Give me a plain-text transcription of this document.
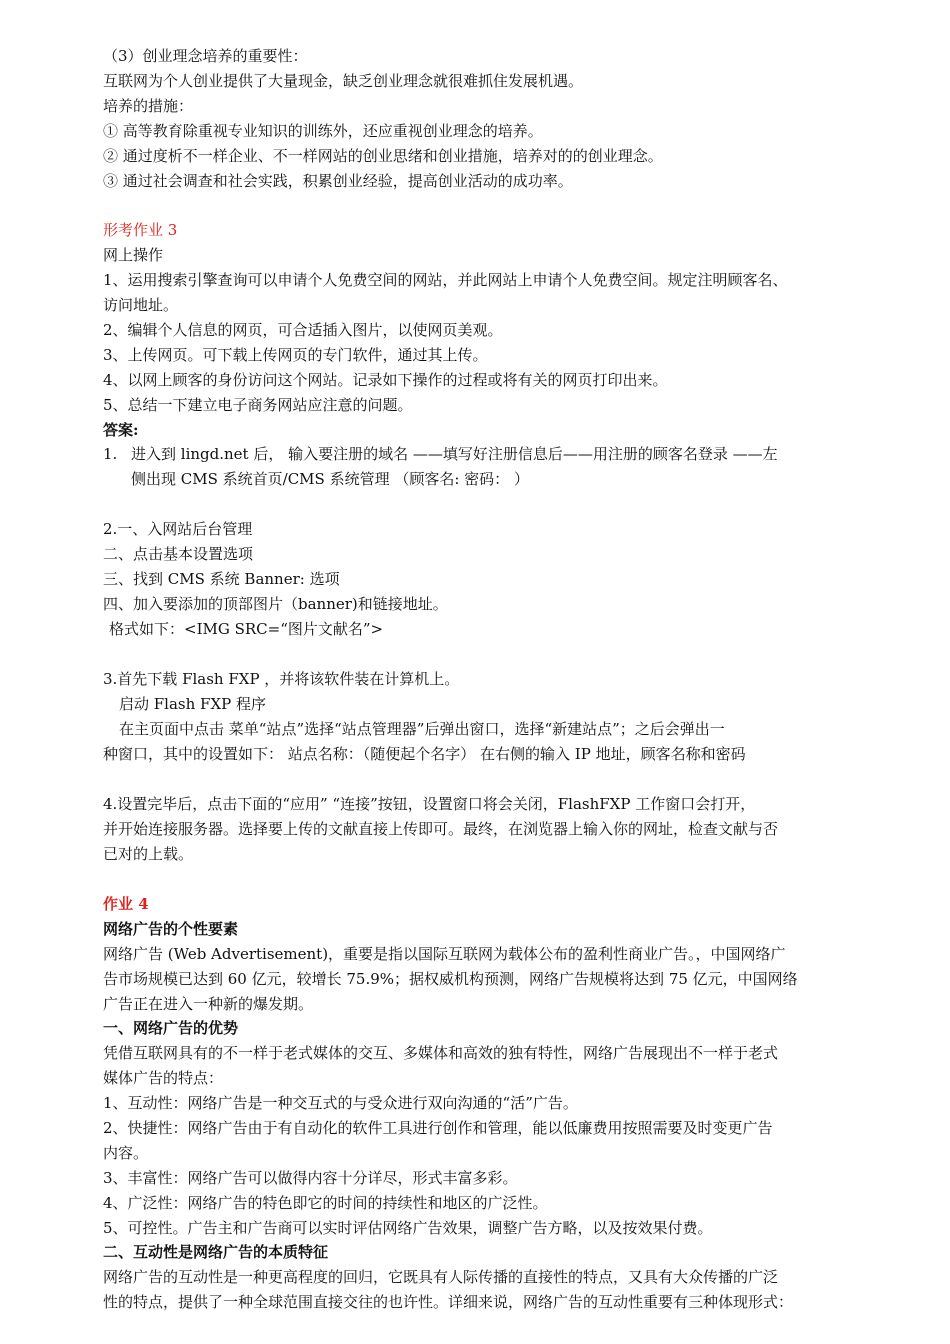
（3）创业理念培养的重要性：
互联网为个人创业提供了大量现金，缺乏创业理念就很难抓住发展机遇。
培养的措施：
① 高等教育除重视专业知识的训练外，还应重视创业理念的培养。
② 通过度析不一样企业、不一样网站的创业思绪和创业措施，培养对的的创业理念。
③ 通过社会调查和社会实践，积累创业经验，提高创业活动的成功率。
形考作业 3
网上操作
1、运用搜索引擎查询可以申请个人免费空间的网站，并此网站上申请个人免费空间。规定注明顾客名、
访问地址。
2、编辑个人信息的网页，可合适插入图片，以使网页美观。
3、上传网页。可下载上传网页的专门软件，通过其上传。
4、以网上顾客的身份访问这个网站。记录如下操作的过程或将有关的网页打印出来。
5、总结一下建立电子商务网站应注意的问题。
答案:
1. 进入到 lingd.net 后， 输入要注册的域名 ——填写好注册信息后——用注册的顾客名登录 ——左
侧出现 CMS 系统首页/CMS 系统管理 （顾客名: 密码： ）
2.一、入网站后台管理
二、点击基本设置选项
三、找到 CMS 系统 Banner: 选项
四、加入要添加的顶部图片（banner)和链接地址。
格式如下：<IMG SRC=“图片文献名”>
3.首先下载 Flash FXP ，并将该软件装在计算机上。
启动 Flash FXP 程序
在主页面中点击 菜单“站点”选择“站点管理器”后弹出窗口，选择“新建站点”；之后会弹出一
种窗口，其中的设置如下： 站点名称：（随便起个名字） 在右侧的输入 IP 地址，顾客名称和密码
4.设置完毕后，点击下面的“应用” “连接”按钮，设置窗口将会关闭，FlashFXP 工作窗口会打开，
并开始连接服务器。选择要上传的文献直接上传即可。最终，在浏览器上输入你的网址，检查文献与否
已对的上载。
作业 4
网络广告的个性要素
网络广告 (Web Advertisement)，重要是指以国际互联网为载体公布的盈利性商业广告。，中国网络广
告市场规模已达到 60 亿元，较增长 75.9%；据权威机构预测，网络广告规模将达到 75 亿元，中国网络
广告正在进入一种新的爆发期。
一、网络广告的优势
凭借互联网具有的不一样于老式媒体的交互、多媒体和高效的独有特性，网络广告展现出不一样于老式
媒体广告的特点：
1、互动性：网络广告是一种交互式的与受众进行双向沟通的“活”广告。
2、快捷性：网络广告由于有自动化的软件工具进行创作和管理，能以低廉费用按照需要及时变更广告
内容。
3、丰富性：网络广告可以做得内容十分详尽，形式丰富多彩。
4、广泛性：网络广告的特色即它的时间的持续性和地区的广泛性。
5、可控性。广告主和广告商可以实时评估网络广告效果，调整广告方略，以及按效果付费。
二、互动性是网络广告的本质特征
网络广告的互动性是一种更高程度的回归，它既具有人际传播的直接性的特点，又具有大众传播的广泛
性的特点，提供了一种全球范围直接交往的也许性。详细来说，网络广告的互动性重要有三种体现形式：
